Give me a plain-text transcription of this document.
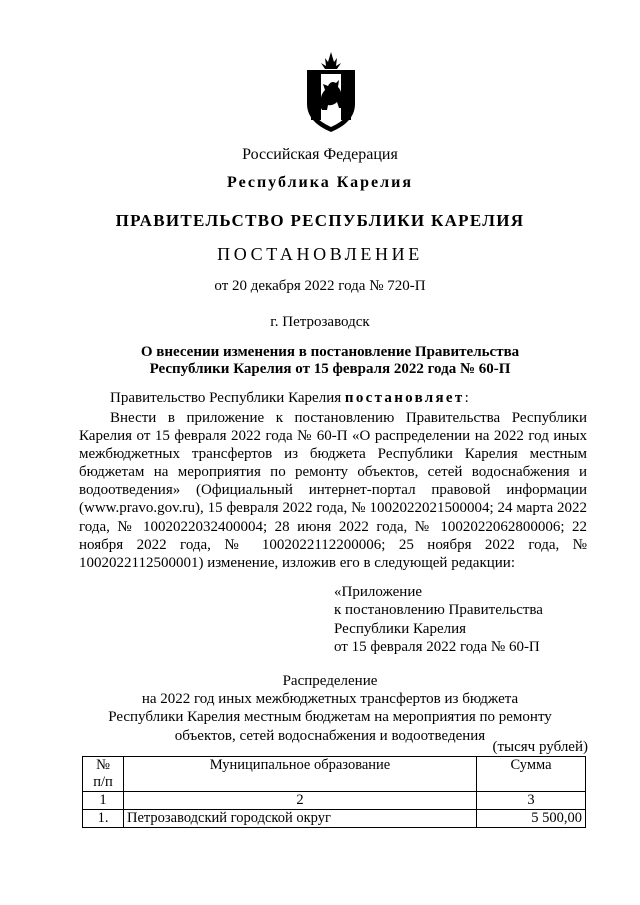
Российская Федерация
Республика Карелия
ПРАВИТЕЛЬСТВО РЕСПУБЛИКИ КАРЕЛИЯ
ПОСТАНОВЛЕНИЕ
от 20 декабря 2022 года № 720-П
г. Петрозаводск
О внесении изменения в постановление Правительства
Республики Карелия от 15 февраля 2022 года № 60-П
Правительство Республики Карелия постановляет:
Внести в приложение к постановлению Правительства Республики Карелия от 15 февраля 2022 года № 60-П «О распределении на 2022 год иных межбюджетных трансфертов из бюджета Республики Карелия местным бюджетам на мероприятия по ремонту объектов, сетей водоснабжения и водоотведения» (Официальный интернет-портал правовой информации (www.pravo.gov.ru), 15 февраля 2022 года, № 1002022021500004; 24 марта 2022 года, № 1002022032400004; 28 июня 2022 года, № 1002022062800006; 22 ноября 2022 года, № 1002022112200006; 25 ноября 2022 года, № 1002022112500001) изменение, изложив его в следующей редакции:
«Приложение
к постановлению Правительства
Республики Карелия
от 15 февраля 2022 года № 60-П
Распределение
на 2022 год иных межбюджетных трансфертов из бюджета
Республики Карелия местным бюджетам на мероприятия по ремонту
объектов, сетей водоснабжения и водоотведения
(тысяч рублей)
№
п/п	Муниципальное образование	Сумма
1	2	3
1.	Петрозаводский городской округ	5 500,00
